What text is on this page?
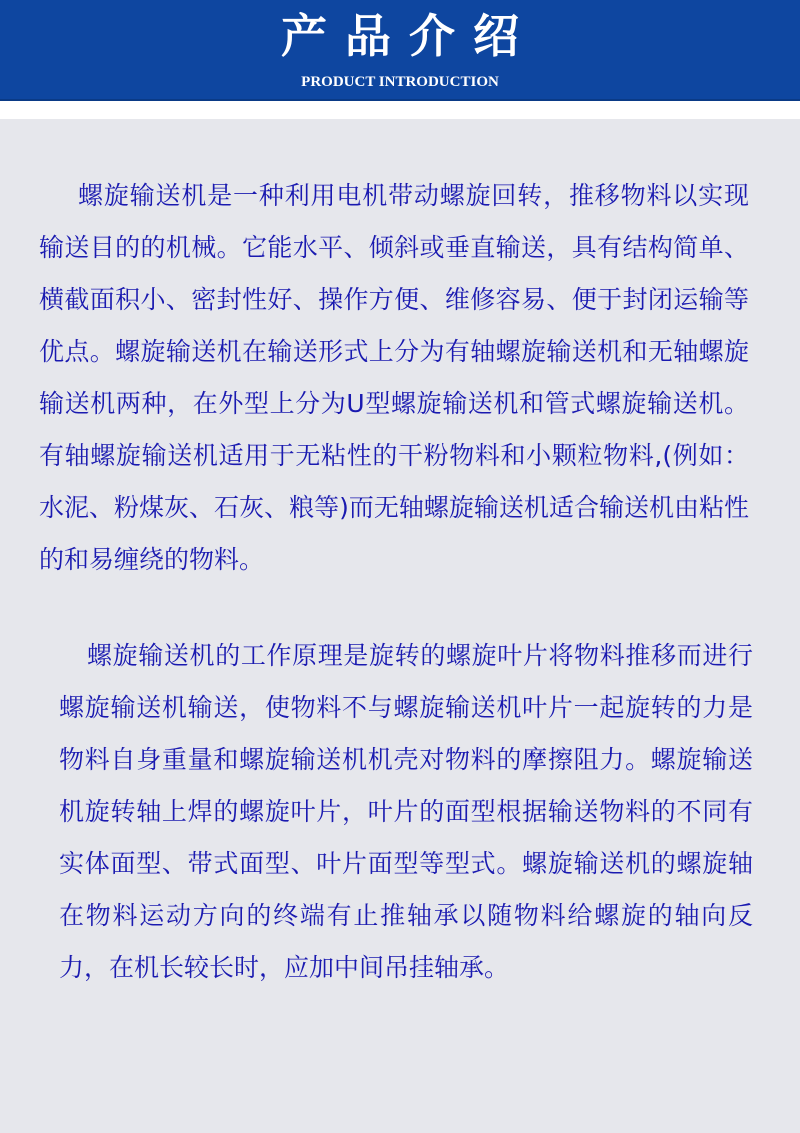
产品介绍
PRODUCT INTRODUCTION

螺旋输送机是一种利用电机带动螺旋回转，推移物料以实现输送目的的机械。它能水平、倾斜或垂直输送，具有结构简单、横截面积小、密封性好、操作方便、维修容易、便于封闭运输等优点。螺旋输送机在输送形式上分为有轴螺旋输送机和无轴螺旋输送机两种，在外型上分为U型螺旋输送机和管式螺旋输送机。有轴螺旋输送机适用于无粘性的干粉物料和小颗粒物料,(例如：水泥、粉煤灰、石灰、粮等)而无轴螺旋输送机适合输送机由粘性的和易缠绕的物料。

螺旋输送机的工作原理是旋转的螺旋叶片将物料推移而进行螺旋输送机输送，使物料不与螺旋输送机叶片一起旋转的力是物料自身重量和螺旋输送机机壳对物料的摩擦阻力。螺旋输送机旋转轴上焊的螺旋叶片，叶片的面型根据输送物料的不同有实体面型、带式面型、叶片面型等型式。螺旋输送机的螺旋轴在物料运动方向的终端有止推轴承以随物料给螺旋的轴向反力，在机长较长时，应加中间吊挂轴承。
